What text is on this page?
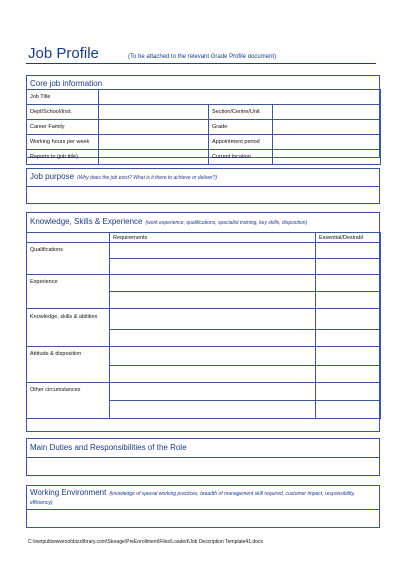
Job Profile	(To be attached to the relevant Grade Profile document)
Core job information
Job Title			
Dept/School/Inst.		Section/Centre/Unit	
Career Family		Grade	
Working hours per week		Appointment period	
Reports to (job title)		Current location	
Job purpose (Why does the job exist? What is it there to achieve or deliver?)
Knowledge, Skills & Experience (work experience, qualifications, specialist training, key skills, disposition)
	Requirements	Essential/Desirabl
Qualifications		

Experience		

Knowledge, skills & abilities		

Attitude & disposition		

Other circumstances		

Main Duties and Responsibilities of the Role
Working Environment (knowledge of special working practices, breadth of management skill required, customer impact, responsibility, efficiency)
C:\inetpub\wwwroot\bizzlibrary.com\Storage\PreEnrollment\Files\Loaded\Job Description Template41.docx
